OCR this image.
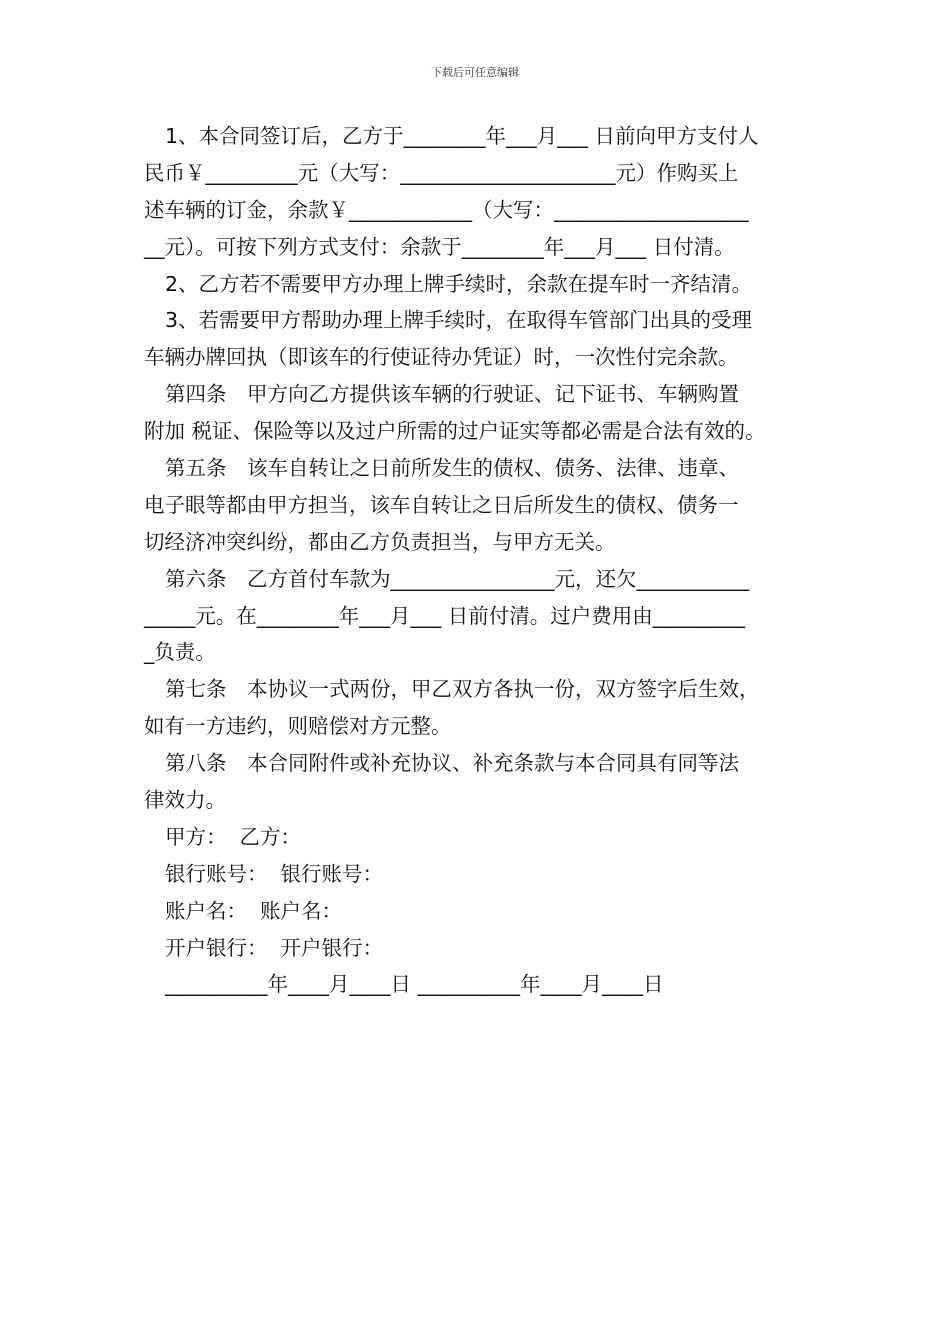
下载后可任意编辑
1、本合同签订后，乙方于________年___月___ 日前向甲方支付人
民币￥_________元（大写：_____________________元）作购买上
述车辆的订金，余款￥____________（大写：___________________
__元）。可按下列方式支付：余款于________年___月___ 日付清。
2、乙方若不需要甲方办理上牌手续时，余款在提车时一齐结清。
3、若需要甲方帮助办理上牌手续时，在取得车管部门出具的受理
车辆办牌回执（即该车的行使证待办凭证）时，一次性付完余款。
第四条　甲方向乙方提供该车辆的行驶证、记下证书、车辆购置
附加 税证、保险等以及过户所需的过户证实等都必需是合法有效的。
第五条　该车自转让之日前所发生的债权、债务、法律、违章、
电子眼等都由甲方担当，该车自转让之日后所发生的债权、债务一
切经济冲突纠纷，都由乙方负责担当，与甲方无关。
第六条　乙方首付车款为________________元，还欠___________
_____元。在________年___月___ 日前付清。过户费用由_________
_负责。
第七条　本协议一式两份，甲乙双方各执一份，双方签字后生效，
如有一方违约，则赔偿对方元整。
第八条　本合同附件或补充协议、补充条款与本合同具有同等法
律效力。
甲方：  乙方：
银行账号：  银行账号：
账户名：  账户名：
开户银行：  开户银行：
__________年____月____日 __________年____月____日
